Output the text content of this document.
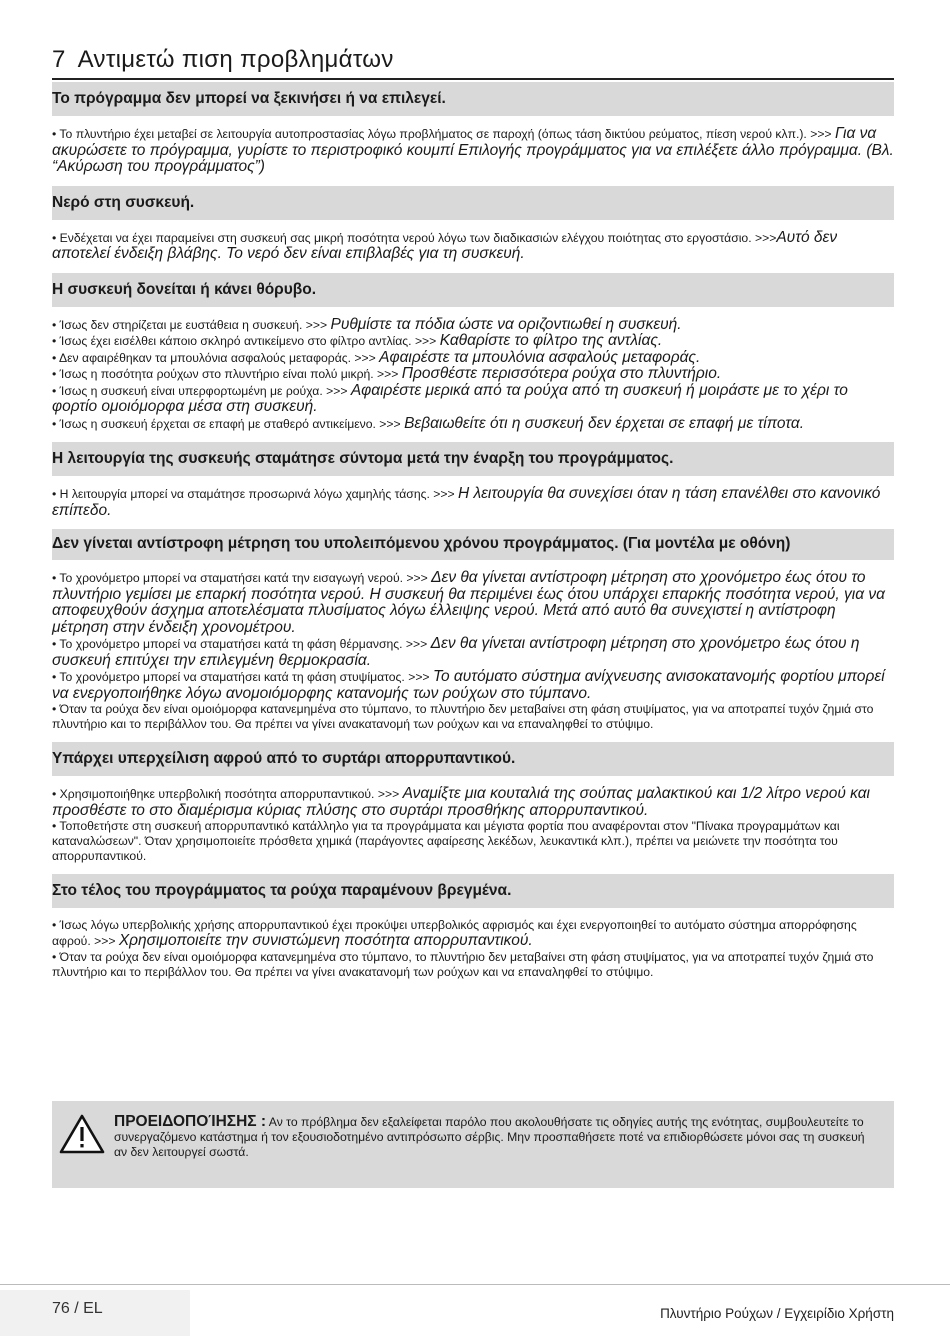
7 Αντιμετώ πιση προβλημάτων
Το πρόγραμμα δεν μπορεί να ξεκινήσει ή να επιλεγεί.
• Το πλυντήριο έχει μεταβεί σε λειτουργία αυτοπροστασίας λόγω προβλήματος σε παροχή (όπως τάση δικτύου ρεύματος, πίεση νερού κλπ.). >>> Για να ακυρώσετε το πρόγραμμα, γυρίστε το περιστροφικό κουμπί Επιλογής προγράμματος για να επιλέξετε άλλο πρόγραμμα. (Βλ. “Ακύρωση του προγράμματος”)
Νερό στη συσκευή.
• Ενδέχεται να έχει παραμείνει στη συσκευή σας μικρή ποσότητα νερού λόγω των διαδικασιών ελέγχου ποιότητας στο εργοστάσιο. >>>Αυτό δεν αποτελεί ένδειξη βλάβης. Το νερό δεν είναι επιβλαβές για τη συσκευή.
Η συσκευή δονείται ή κάνει θόρυβο.
• Ίσως δεν στηρίζεται με ευστάθεια η συσκευή. >>> Ρυθμίστε τα πόδια ώστε να οριζοντιωθεί η συσκευή.
• Ίσως έχει εισέλθει κάποιο σκληρό αντικείμενο στο φίλτρο αντλίας. >>> Καθαρίστε το φίλτρο της αντλίας.
• Δεν αφαιρέθηκαν τα μπουλόνια ασφαλούς μεταφοράς. >>> Αφαιρέστε τα μπουλόνια ασφαλούς μεταφοράς.
• Ίσως η ποσότητα ρούχων στο πλυντήριο είναι πολύ μικρή. >>> Προσθέστε περισσότερα ρούχα στο πλυντήριο.
• Ίσως η συσκευή είναι υπερφορτωμένη με ρούχα. >>> Αφαιρέστε μερικά από τα ρούχα από τη συσκευή ή μοιράστε με το χέρι το φορτίο ομοιόμορφα μέσα στη συσκευή.
• Ίσως η συσκευή έρχεται σε επαφή με σταθερό αντικείμενο. >>> Βεβαιωθείτε ότι η συσκευή δεν έρχεται σε επαφή με τίποτα.
Η λειτουργία της συσκευής σταμάτησε σύντομα μετά την έναρξη του προγράμματος.
• Η λειτουργία μπορεί να σταμάτησε προσωρινά λόγω χαμηλής τάσης. >>> Η λειτουργία θα συνεχίσει όταν η τάση επανέλθει στο κανονικό επίπεδο.
Δεν γίνεται αντίστροφη μέτρηση του υπολειπόμενου χρόνου προγράμματος. (Για μοντέλα με οθόνη)
• Το χρονόμετρο μπορεί να σταματήσει κατά την εισαγωγή νερού. >>> Δεν θα γίνεται αντίστροφη μέτρηση στο χρονόμετρο έως ότου το πλυντήριο γεμίσει με επαρκή ποσότητα νερού. Η συσκευή θα περιμένει έως ότου υπάρχει επαρκής ποσότητα νερού, για να αποφευχθούν άσχημα αποτελέσματα πλυσίματος λόγω έλλειψης νερού. Μετά από αυτό θα συνεχιστεί η αντίστροφη μέτρηση στην ένδειξη χρονομέτρου.
• Το χρονόμετρο μπορεί να σταματήσει κατά τη φάση θέρμανσης. >>> Δεν θα γίνεται αντίστροφη μέτρηση στο χρονόμετρο έως ότου η συσκευή επιτύχει την επιλεγμένη θερμοκρασία.
• Το χρονόμετρο μπορεί να σταματήσει κατά τη φάση στυψίματος. >>> Το αυτόματο σύστημα ανίχνευσης ανισοκατανομής φορτίου μπορεί να ενεργοποιήθηκε λόγω ανομοιόμορφης κατανομής των ρούχων στο τύμπανο.
• Όταν τα ρούχα δεν είναι ομοιόμορφα κατανεμημένα στο τύμπανο, το πλυντήριο δεν μεταβαίνει στη φάση στυψίματος, για να αποτραπεί τυχόν ζημιά στο πλυντήριο και το περιβάλλον του. Θα πρέπει να γίνει ανακατανομή των ρούχων και να επαναληφθεί το στύψιμο.
Υπάρχει υπερχείλιση αφρού από το συρτάρι απορρυπαντικού.
• Χρησιμοποιήθηκε υπερβολική ποσότητα απορρυπαντικού. >>> Αναμίξτε μια κουταλιά της σούπας μαλακτικού και 1/2 λίτρο νερού και προσθέστε το στο διαμέρισμα κύριας πλύσης στο συρτάρι προσθήκης απορρυπαντικού.
• Τοποθετήστε στη συσκευή απορρυπαντικό κατάλληλο για τα προγράμματα και μέγιστα φορτία που αναφέρονται στον "Πίνακα προγραμμάτων και καταναλώσεων". Όταν χρησιμοποιείτε πρόσθετα χημικά (παράγοντες αφαίρεσης λεκέδων, λευκαντικά κλπ.), πρέπει να μειώνετε την ποσότητα του απορρυπαντικού.
Στο τέλος του προγράμματος τα ρούχα παραμένουν βρεγμένα.
• Ίσως λόγω υπερβολικής χρήσης απορρυπαντικού έχει προκύψει υπερβολικός αφρισμός και έχει ενεργοποιηθεί το αυτόματο σύστημα απορρόφησης αφρού. >>> Χρησιμοποιείτε την συνιστώμενη ποσότητα απορρυπαντικού.
• Όταν τα ρούχα δεν είναι ομοιόμορφα κατανεμημένα στο τύμπανο, το πλυντήριο δεν μεταβαίνει στη φάση στυψίματος, για να αποτραπεί τυχόν ζημιά στο πλυντήριο και το περιβάλλον του. Θα πρέπει να γίνει ανακατανομή των ρούχων και να επαναληφθεί το στύψιμο.
ΠΡΟΕΙΔΟΠΟΊΗΣΗΣ : Αν το πρόβλημα δεν εξαλείφεται παρόλο που ακολουθήσατε τις οδηγίες αυτής της ενότητας, συμβουλευτείτε το συνεργαζόμενο κατάστημα ή τον εξουσιοδοτημένο αντιπρόσωπο σέρβις. Μην προσπαθήσετε ποτέ να επιδιορθώσετε μόνοι σας τη συσκευή αν δεν λειτουργεί σωστά.
76 / EL	Πλυντήριο Ρούχων / Εγχειρίδιο Χρήστη
